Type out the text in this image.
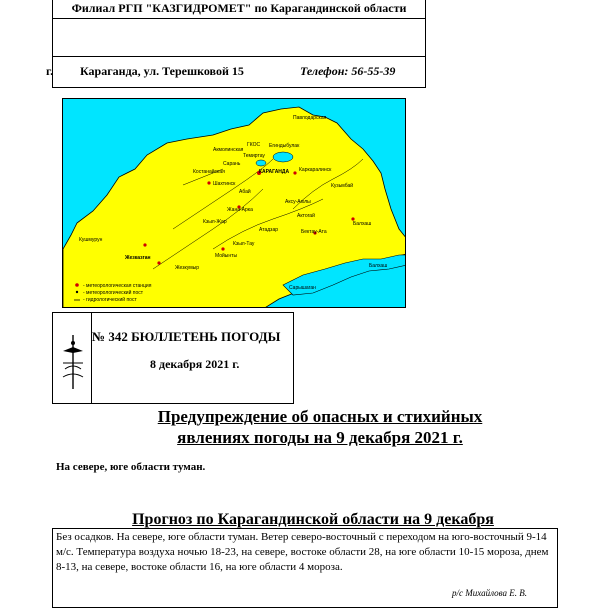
Филиал РГП "КАЗГИДРОМЕТ" по Карагандинской области
г. Караганда, ул. Терешковой 15	Телефон: 56-55-39
Павлодарская
Акмолинская
ГКОС Егиндыбулак
Темиртау
Сарань
КАРАГАНДА Каркаралинск
Шахтинск
Костанайская
Кузьмбай
Абай
Аксу-Аюлы
Жана-Арка
Кзыл-Жар
Актогай
Атадзар	Бектау-Ата
Балхаш
Кзыл-Тау
Кушмурун
Мойынты
Жезказган
Жезкумыр	Балхаш
Сарышаган
- метеорологическая станция
- метеорологический пост
- гидрологический пост
№ 342 БЮЛЛЕТЕНЬ ПОГОДЫ
8 декабря 2021 г.
Предупреждение об опасных и стихийных
явлениях погоды на 9 декабря 2021 г.
На севере, юге области туман.
Прогноз по Карагандинской области на 9 декабря
Без осадков. На севере, юге области туман. Ветер северо-восточный с переходом на юго-восточный 9-14 м/с. Температура воздуха ночью 18-23, на севере, востоке области 28, на юге области 10-15 мороза, днем 8-13, на севере, востоке области 16, на юге области 4 мороза.
р/с Михайлова Е. В.
